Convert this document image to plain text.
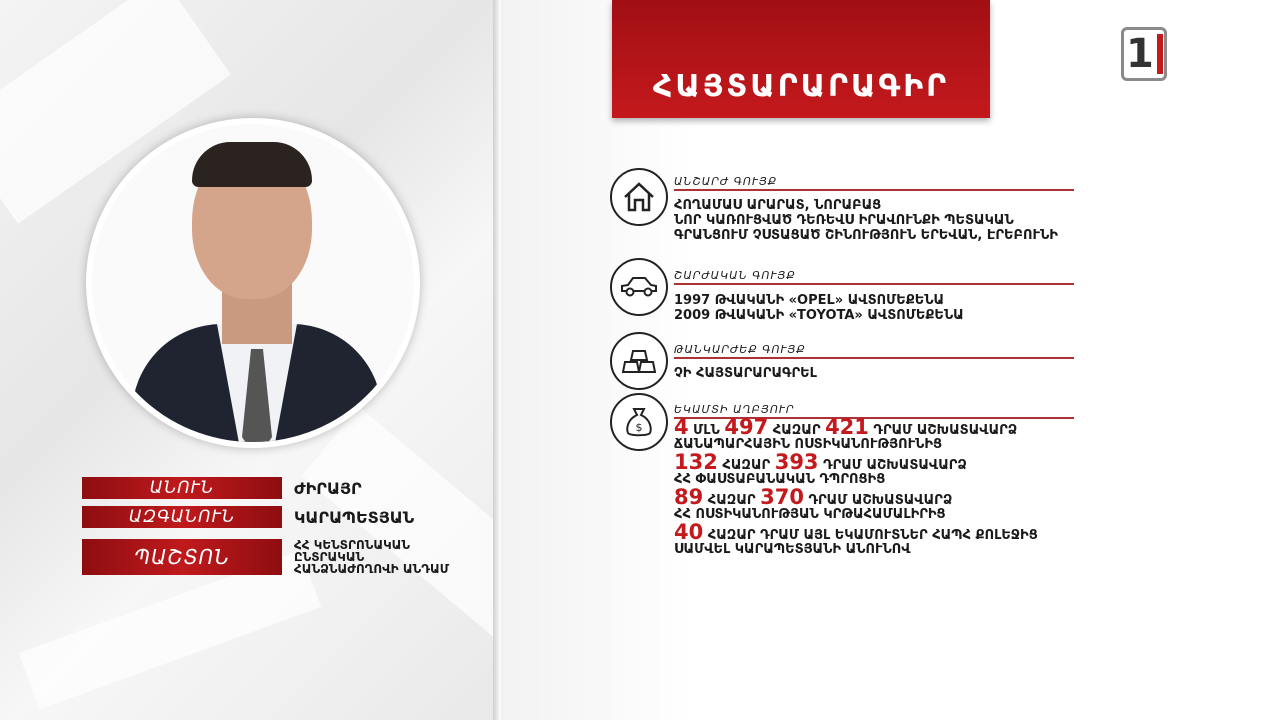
ԱՆՈՒՆ	ԺԻՐԱՅՐ
ԱԶԳԱՆՈՒՆ	ԿԱՐԱՊԵՏՅԱՆ
ՊԱՇՏՈՆ	ՀՀ ԿԵՆՏՐՈՆԱԿԱՆ
ԸՆՏՐԱԿԱՆ
ՀԱՆՁՆԱԺՈՂՈՎԻ ԱՆԴԱՄ
ՀԱՅՏԱՐԱՐԱԳԻՐ
1
ԱՆՇԱՐԺ ԳՈՒՅՔ
ՀՈՂԱՄԱՍ ԱՐԱՐԱՏ, ՆՈՐԱԲԱՑ
ՆՈՐ ԿԱՌՈՒՑՎԱԾ ԴԵՌԵՎՍ ԻՐԱՎՈՒՆՔԻ ՊԵՏԱԿԱՆ
ԳՐԱՆՑՈՒՄ ՉՍՏԱՑԱԾ ՇԻՆՈՒԹՅՈՒՆ ԵՐԵՎԱՆ, ԷՐԵԲՈՒՆԻ
ՇԱՐԺԱԿԱՆ ԳՈՒՅՔ
1997 ԹՎԱԿԱՆԻ «OPEL» ԱՎՏՈՄԵՔԵՆԱ
2009 ԹՎԱԿԱՆԻ «TOYOTA» ԱՎՏՈՄԵՔԵՆԱ
ԹԱՆԿԱՐԺԵՔ ԳՈՒՅՔ
ՉԻ ՀԱՅՏԱՐԱՐԱԳՐԵԼ
$
ԵԿԱՄՏԻ ԱՂԲՅՈՒՐ
4 ՄԼՆ 497 ՀԱԶԱՐ 421 ԴՐԱՄ ԱՇԽԱՏԱՎԱՐՁ
ՃԱՆԱՊԱՐՀԱՅԻՆ ՈՍՏԻԿԱՆՈՒԹՅՈՒՆԻՑ
132 ՀԱԶԱՐ 393 ԴՐԱՄ ԱՇԽԱՏԱՎԱՐՁ
ՀՀ ՓԱՍՏԱԲԱՆԱԿԱՆ ԴՊՐՈՑԻՑ
89 ՀԱԶԱՐ 370 ԴՐԱՄ ԱՇԽԱՏԱՎԱՐՁ
ՀՀ ՈՍՏԻԿԱՆՈՒԹՅԱՆ ԿՐԹԱՀԱՄԱԼԻՐԻՑ
40 ՀԱԶԱՐ ԴՐԱՄ ԱՅԼ ԵԿԱՄՈՒՏՆԵՐ ՀԱՊՀ ՔՈԼԵՋԻՑ
ՍԱՄՎԵԼ ԿԱՐԱՊԵՏՅԱՆԻ ԱՆՈՒՆՈՎ
